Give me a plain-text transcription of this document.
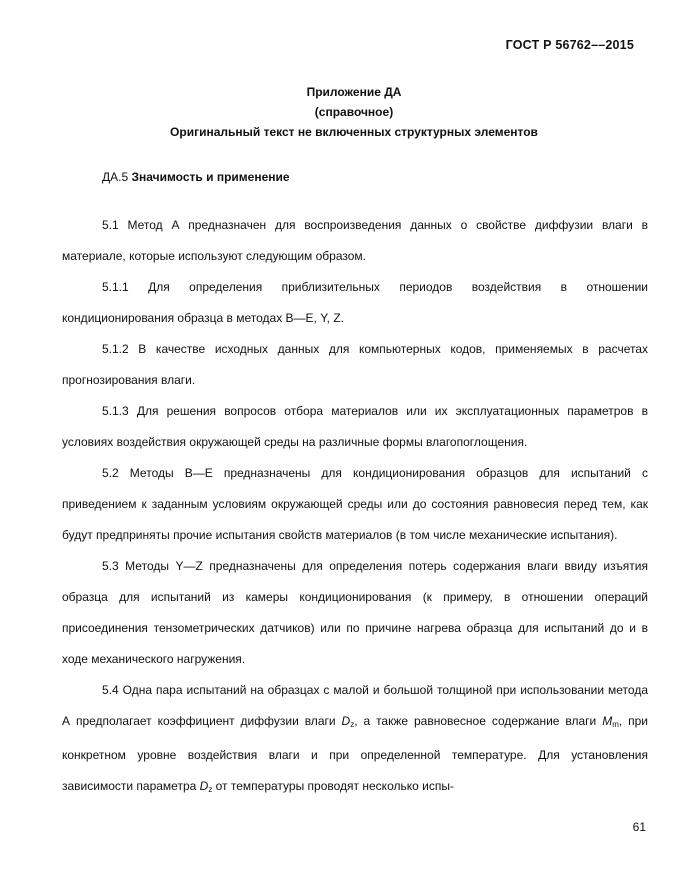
ГОСТ Р 56762––2015
Приложение ДА
(справочное)
Оригинальный текст не включенных структурных элементов
ДА.5 Значимость и применение

5.1 Метод А предназначен для воспроизведения данных о свойстве диффузии влаги в материале, которые используют следующим образом.

5.1.1 Для определения приблизительных периодов воздействия в отношении кондиционирования образца в методах В—Е, Y, Z.

5.1.2 В качестве исходных данных для компьютерных кодов, применяемых в расчетах прогнозирования влаги.

5.1.3 Для решения вопросов отбора материалов или их эксплуатационных параметров в условиях воздействия окружающей среды на различные формы влагопоглощения.

5.2 Методы В—Е предназначены для кондиционирования образцов для испытаний с приведением к заданным условиям окружающей среды или до состояния равновесия перед тем, как будут предприняты прочие испытания свойств материалов (в том числе механические испытания).

5.3 Методы Y—Z предназначены для определения потерь содержания влаги ввиду изъятия образца для испытаний из камеры кондиционирования (к примеру, в отношении операций присоединения тензометрических датчиков) или по причине нагрева образца для испытаний до и в ходе механического нагружения.

5.4 Одна пара испытаний на образцах с малой и большой толщиной при использовании метода А предполагает коэффициент диффузии влаги $D_z$, а также равновесное содержание влаги $M_m$, при конкретном уровне воздействия влаги и при определенной температуре. Для установления зависимости параметра $D_z$ от температуры проводят несколько испы-

61
